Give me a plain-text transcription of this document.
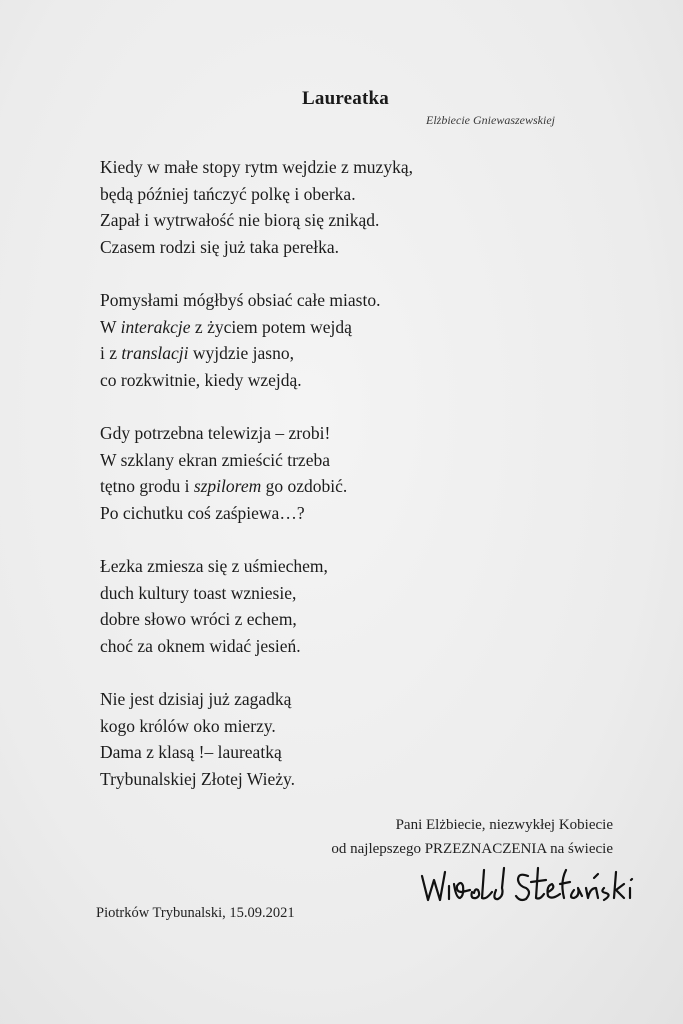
Laureatka
Elżbiecie Gniewaszewskiej
Kiedy w małe stopy rytm wejdzie z muzyką,
będą później tańczyć polkę i oberka.
Zapał i wytrwałość nie biorą się znikąd.
Czasem rodzi się już taka perełka.
Pomysłami mógłbyś obsiać całe miasto.
W interakcje z życiem potem wejdą
i z translacji wyjdzie jasno,
co rozkwitnie, kiedy wzejdą.
Gdy potrzebna telewizja – zrobi!
W szklany ekran zmieścić trzeba
tętno grodu i szpilorem go ozdobić.
Po cichutku coś zaśpiewa…?
Łezka zmiesza się z uśmiechem,
duch kultury toast wzniesie,
dobre słowo wróci z echem,
choć za oknem widać jesień.
Nie jest dzisiaj już zagadką
kogo królów oko mierzy.
Dama z klasą !– laureatką
Trybunalskiej Złotej Wieży.
Pani Elżbiecie, niezwykłej Kobiecie
od najlepszego PRZEZNACZENIA na świecie
Piotrków Trybunalski, 15.09.2021
